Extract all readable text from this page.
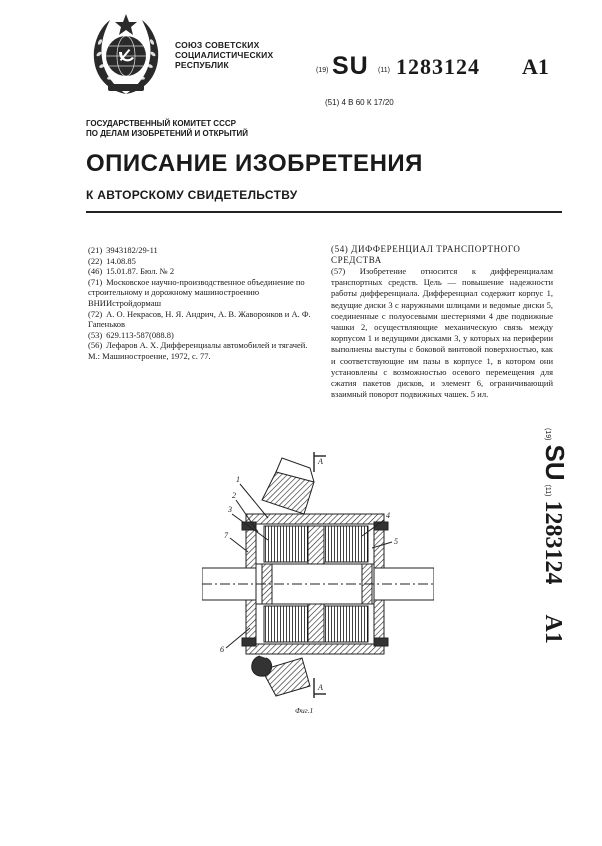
СОЮЗ СОВЕТСКИХ
СОЦИАЛИСТИЧЕСКИХ
РЕСПУБЛИК
(19) SU (11) 1283124 A1
(51) 4 В 60 К 17/20
ГОСУДАРСТВЕННЫЙ КОМИТЕТ СССР
ПО ДЕЛАМ ИЗОБРЕТЕНИЙ И ОТКРЫТИЙ
ОПИСАНИЕ ИЗОБРЕТЕНИЯ
К АВТОРСКОМУ СВИДЕТЕЛЬСТВУ
(21) 3943182/29-11
(22) 14.08.85
(46) 15.01.87. Бюл. № 2
(71) Московское научно-производственное объединение по строительному и дорожному машиностроению ВНИИстройдормаш
(72) А. О. Некрасов, Н. Я. Андрич, А. В. Жаворонков и А. Ф. Гапеньков
(53) 629.113-587(088.8)
(56) Лефаров А. Х. Дифференциалы автомобилей и тягачей. М.: Машиностроение, 1972, с. 77.
(54) ДИФФЕРЕНЦИАЛ ТРАНСПОРТНОГО СРЕДСТВА
(57) Изобретение относится к дифференциалам транспортных средств. Цель — повышение надежности работы дифференциала. Дифференциал содержит корпус 1, ведущие диски 3 с наружными шлицами и ведомые диски 5, соединенные с полуосевыми шестернями 4 две подвижные чашки 2, осуществляющие механическую связь между корпусом 1 и ведущими дисками 3, у которых на периферии выполнены выступы с боковой винтовой поверхностью, как и соответствующие им пазы в корпусе 1, в котором они установлены с возможностью осевого перемещения для сжатия пакетов дисков, и элемент 6, ограничивающий взаимный поворот подвижных чашек. 5 ил.
(19)SU(11)1283124A1
A
A
1
2
3
7
4
5
6
Фиг.1
